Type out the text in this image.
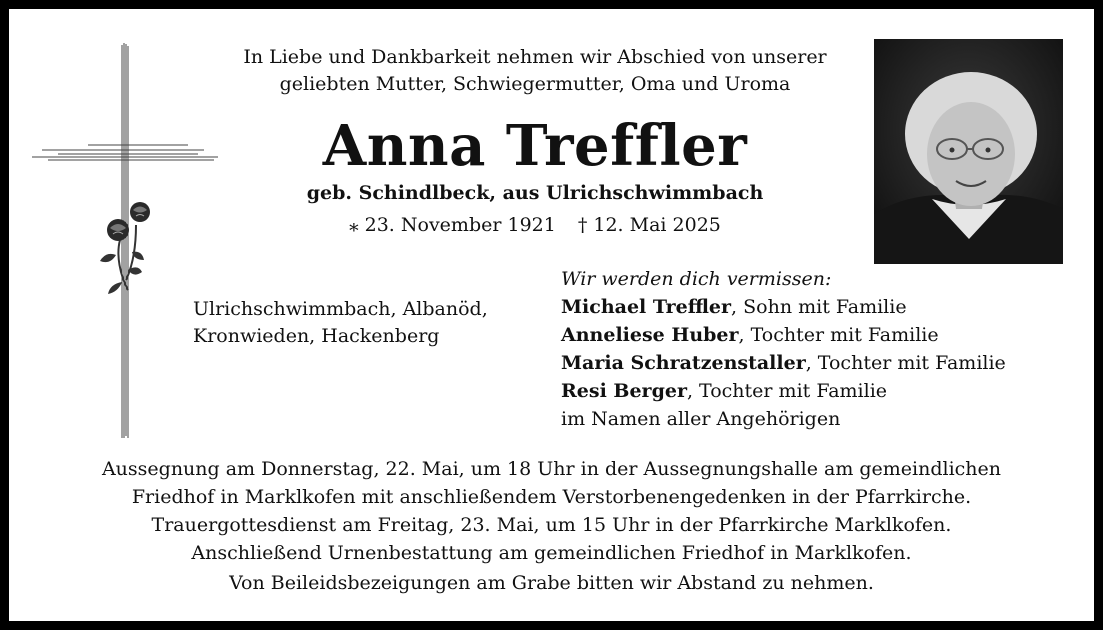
In Liebe und Dankbarkeit nehmen wir Abschied von unserer
geliebten Mutter, Schwiegermutter, Oma und Uroma
Anna Treffler
geb. Schindlbeck, aus Ulrichschwimmbach
⁎ 23. November 1921 † 12. Mai 2025
Ulrichschwimmbach, Albanöd,
Kronwieden, Hackenberg
Wir werden dich vermissen:
Michael Treffler, Sohn mit Familie
Anneliese Huber, Tochter mit Familie
Maria Schratzenstaller, Tochter mit Familie
Resi Berger, Tochter mit Familie
im Namen aller Angehörigen
Aussegnung am Donnerstag, 22. Mai, um 18 Uhr in der Aussegnungshalle am gemeindlichen
Friedhof in Marklkofen mit anschließendem Verstorbenengedenken in der Pfarrkirche.
Trauergottesdienst am Freitag, 23. Mai, um 15 Uhr in der Pfarrkirche Marklkofen.
Anschließend Urnenbestattung am gemeindlichen Friedhof in Marklkofen.
Von Beileidsbezeigungen am Grabe bitten wir Abstand zu nehmen.
